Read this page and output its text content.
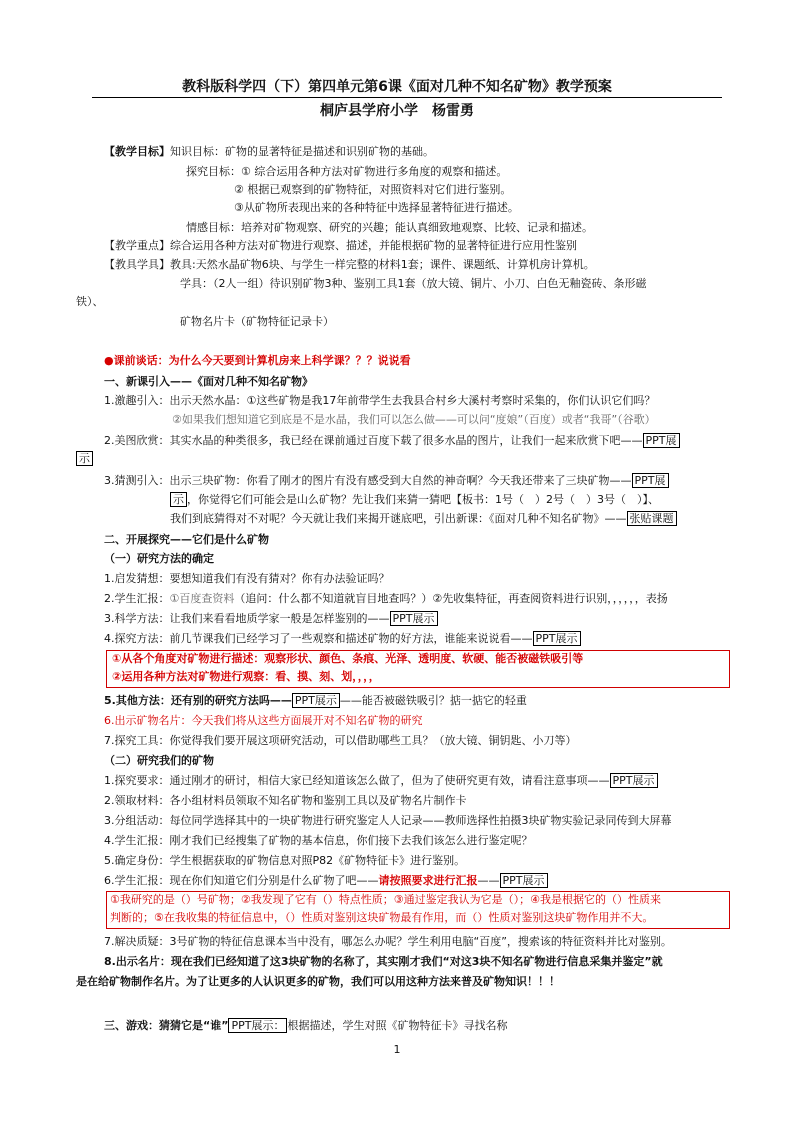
教科版科学四（下）第四单元第6课《面对几种不知名矿物》教学预案
桐庐县学府小学　 杨雷勇
【教学目标】知识目标：矿物的显著特征是描述和识别矿物的基础。
探究目标：① 综合运用各种方法对矿物进行多角度的观察和描述。
② 根据已观察到的矿物特征，对照资料对它们进行鉴别。
③从矿物所表现出来的各种特征中选择显著特征进行描述。
情感目标：培养对矿物观察、研究的兴趣；能认真细致地观察、比较、记录和描述。
【教学重点】综合运用各种方法对矿物进行观察、描述，并能根据矿物的显著特征进行应用性鉴别
【教具学具】教具:天然水晶矿物6块、与学生一样完整的材料1套；课件、课题纸、计算机房计算机。
学具：（2人一组）待识别矿物3种、鉴别工具1套（放大镜、铜片、小刀、白色无釉瓷砖、条形磁
铁）、
矿物名片卡（矿物特征记录卡）
●课前谈话：为什么今天要到计算机房来上科学课？？？说说看
一、新课引入——《面对几种不知名矿物》
1.激趣引入：出示天然水晶：①这些矿物是我17年前带学生去我县合村乡大溪村考察时采集的，你们认识它们吗？
②如果我们想知道它到底是不是水晶，我们可以怎么做——可以问“度娘”（百度）或者“我哥”（谷歌）
2.美图欣赏：其实水晶的种类很多，我已经在课前通过百度下载了很多水晶的图片，让我们一起来欣赏下吧—— PPT展
示
3.猜测引入：出示三块矿物：你看了刚才的图片有没有感受到大自然的神奇啊？今天我还带来了三块矿物—— PPT展
示 ，你觉得它们可能会是山么矿物？先让我们来猜一猜吧【板书：1号（　）2号（　）3号（　）】、
我们到底猜得对不对呢？今天就让我们来揭开谜底吧，引出新课：《面对几种不知名矿物》—— 张贴课题
二、开展探究——它们是什么矿物
（一）研究方法的确定
1.启发猜想：要想知道我们有没有猜对？你有办法验证吗？
2.学生汇报：①百度查资料（追问：什么都不知道就盲目地查吗？）②先收集特征，再查阅资料进行识别，，，，，，表扬
3.科学方法：让我们来看看地质学家一般是怎样鉴别的—— PPT展示
4.探究方法：前几节课我们已经学习了一些观察和描述矿物的好方法，谁能来说说看—— PPT展示
①从各个角度对矿物进行描述：观察形状、颜色、条痕、光泽、透明度、软硬、能否被磁铁吸引等
②运用各种方法对矿物进行观察：看、摸、刻、划，，，，
5.其他方法：还有别的研究方法吗—— PPT展示 ——能否被磁铁吸引？掂一掂它的轻重
6.出示矿物名片：今天我们将从这些方面展开对不知名矿物的研究
7.探究工具：你觉得我们要开展这项研究活动，可以借助哪些工具？（放大镜、铜钥匙、小刀等）
（二）研究我们的矿物
1.探究要求：通过刚才的研讨，相信大家已经知道该怎么做了，但为了使研究更有效，请看注意事项—— PPT展示
2.领取材料：各小组材料员领取不知名矿物和鉴别工具以及矿物名片制作卡
3.分组活动：每位同学选择其中的一块矿物进行研究鉴定人人记录——教师选择性拍摄3块矿物实验记录同传到大屏幕
4.学生汇报：刚才我们已经搜集了矿物的基本信息，你们接下去我们该怎么进行鉴定呢？
5.确定身份：学生根据获取的矿物信息对照P82《矿物特征卡》进行鉴别。
6.学生汇报：现在你们知道它们分别是什么矿物了吧——请按照要求进行汇报—— PPT展示
①我研究的是（）号矿物；②我发现了它有（）特点性质；③通过鉴定我认为它是（）；④我是根据它的（）性质来
判断的；⑤在我收集的特征信息中，（）性质对鉴别这块矿物最有作用，而（）性质对鉴别这块矿物作用并不大。
7.解决质疑：3号矿物的特征信息课本当中没有，哪怎么办呢？学生利用电脑“百度”，搜索该的特征资料并比对鉴别。
8.出示名片：现在我们已经知道了这3块矿物的名称了，其实刚才我们“对这3块不知名矿物进行信息采集并鉴定”就
是在给矿物制作名片。为了让更多的人认识更多的矿物，我们可以用这种方法来普及矿物知识！！！
三、游戏：猜猜它是“谁” PPT展示： 根据描述，学生对照《矿物特征卡》寻找名称
1
